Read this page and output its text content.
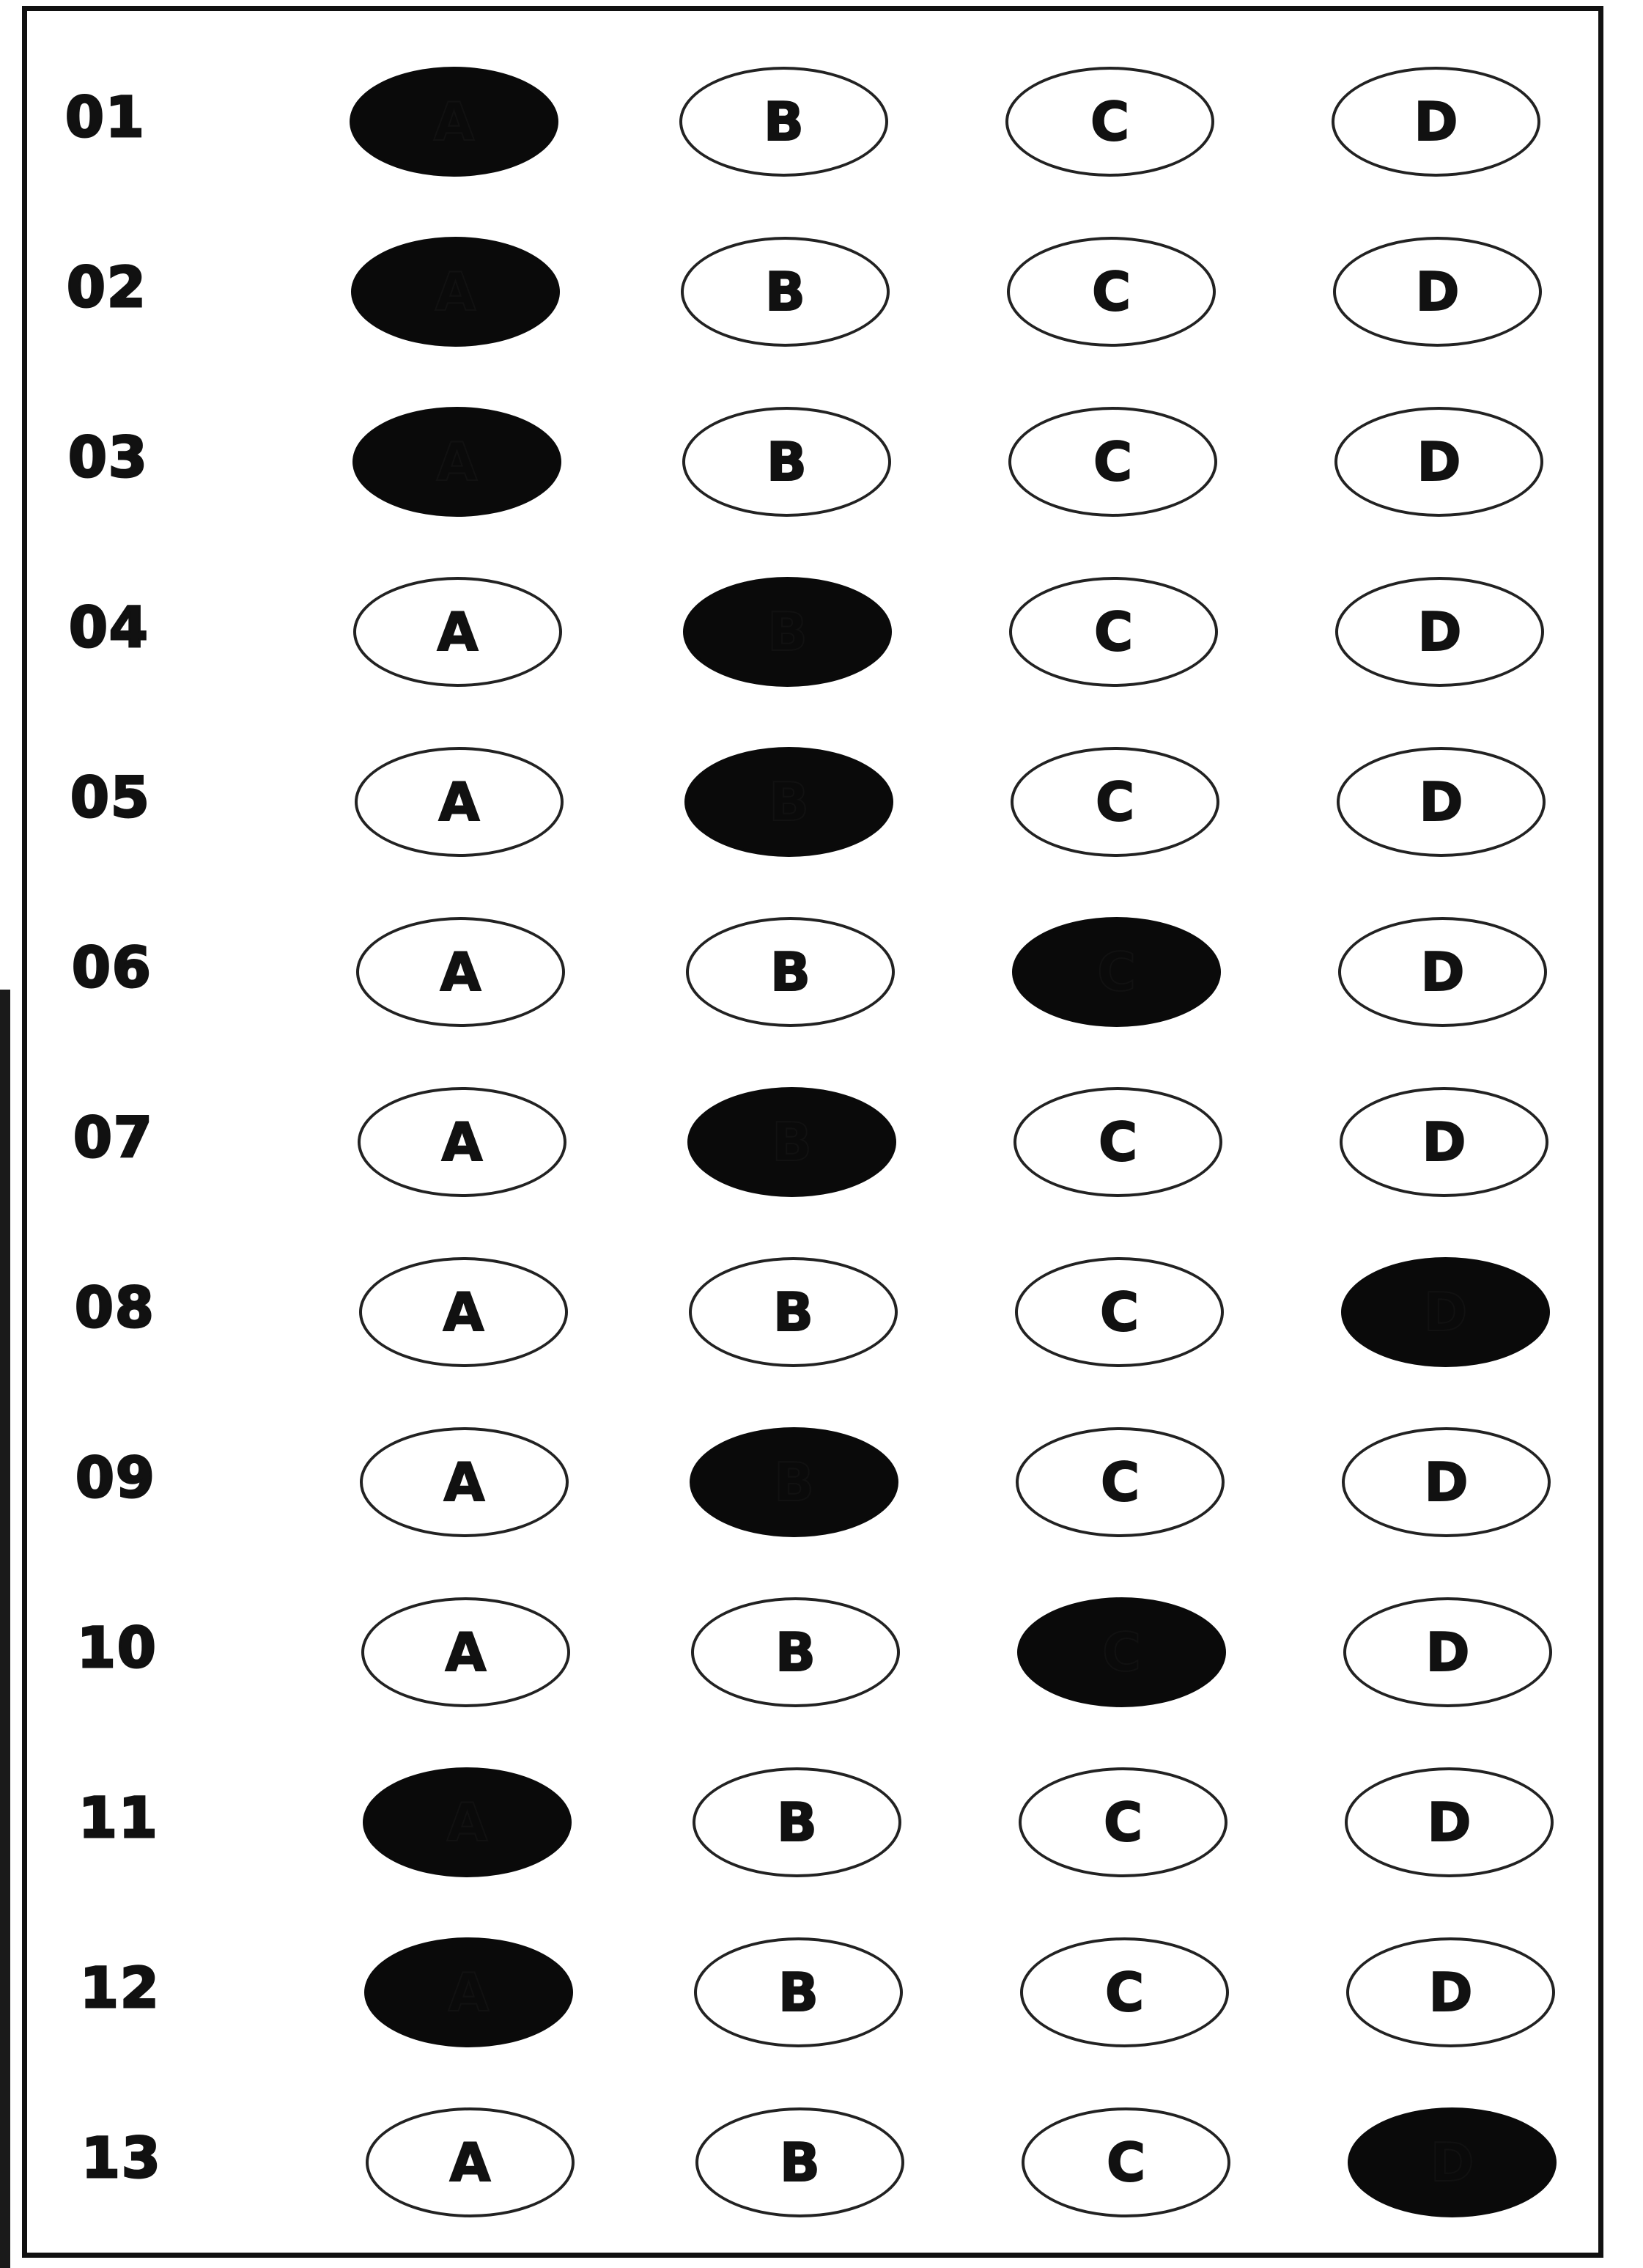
01	A	B	C	D
02	A	B	C	D
03	A	B	C	D
04	A	B	C	D
05	A	B	C	D
06	A	B	C	D
07	A	B	C	D
08	A	B	C	D
09	A	B	C	D
10	A	B	C	D
11	A	B	C	D
12	A	B	C	D
13	A	B	C	D
